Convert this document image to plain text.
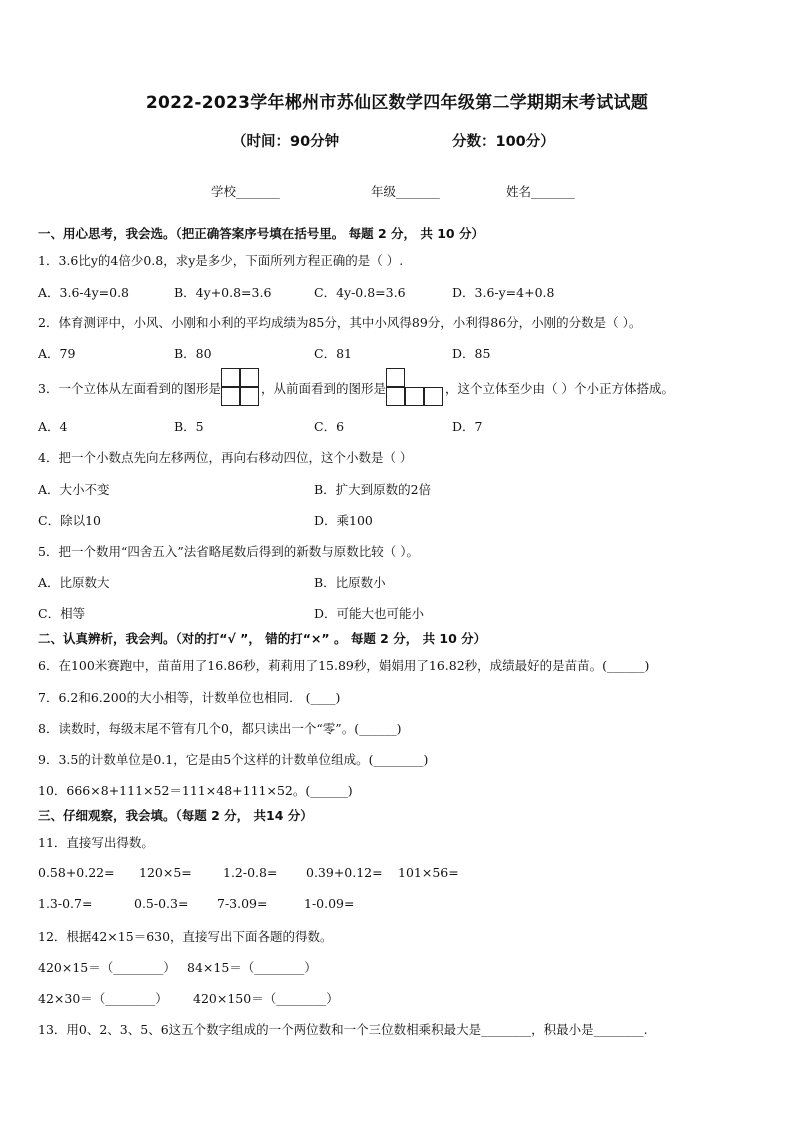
2022-2023学年郴州市苏仙区数学四年级第二学期期末考试试题
（时间：90分钟	分数：100分）
学校_______	年级_______	姓名_______
一、用心思考，我会选。（把正确答案序号填在括号里。 每题 2 分， 共 10 分）
1．3.6比y的4倍少0.8，求y是多少，下面所列方程正确的是（ ）.
A．3.6-4y=0.8	B．4y+0.8=3.6	C．4y-0.8=3.6	D．3.6-y=4+0.8
2．体育测评中，小风、小刚和小利的平均成绩为85分，其中小风得89分，小利得86分，小刚的分数是（ ）。
A．79	B．80	C．81	D．85
3．一个立体从左面看到的图形是	，从前面看到的图形是	，这个立体至少由（ ）个小正方体搭成。
A．4	B．5	C．6	D．7
4．把一个小数点先向左移两位，再向右移动四位，这个小数是（ ）
A．大小不变	B．扩大到原数的2倍
C．除以10	D．乘100
5．把一个数用“四舍五入”法省略尾数后得到的新数与原数比较（ ）。
A．比原数大	B．比原数小
C．相等	D．可能大也可能小
二、认真辨析，我会判。（对的打“√ ”， 错的打“×” 。 每题 2 分， 共 10 分）
6．在100米赛跑中，苗苗用了16.86秒，莉莉用了15.89秒，娟娟用了16.82秒，成绩最好的是苗苗。(______)
7．6.2和6.200的大小相等，计数单位也相同． (____)
8．读数时，每级末尾不管有几个0，都只读出一个“零”。(______)
9．3.5的计数单位是0.1，它是由5个这样的计数单位组成。(________)
10．666×8+111×52＝111×48+111×52。(______)
三、仔细观察，我会填。（每题 2 分， 共14 分）
11．直接写出得数。
0.58+0.22= 120×5= 1.2-0.8= 0.39+0.12= 101×56=
1.3-0.7=	0.5-0.3= 7-3.09=	1-0.09=
12．根据42×15＝630，直接写出下面各题的得数。
420×15＝（________） 84×15＝（________）
42×30＝（________） 420×150＝（________）
13．用0、2、3、5、6这五个数字组成的一个两位数和一个三位数相乘积最大是________，积最小是________.
